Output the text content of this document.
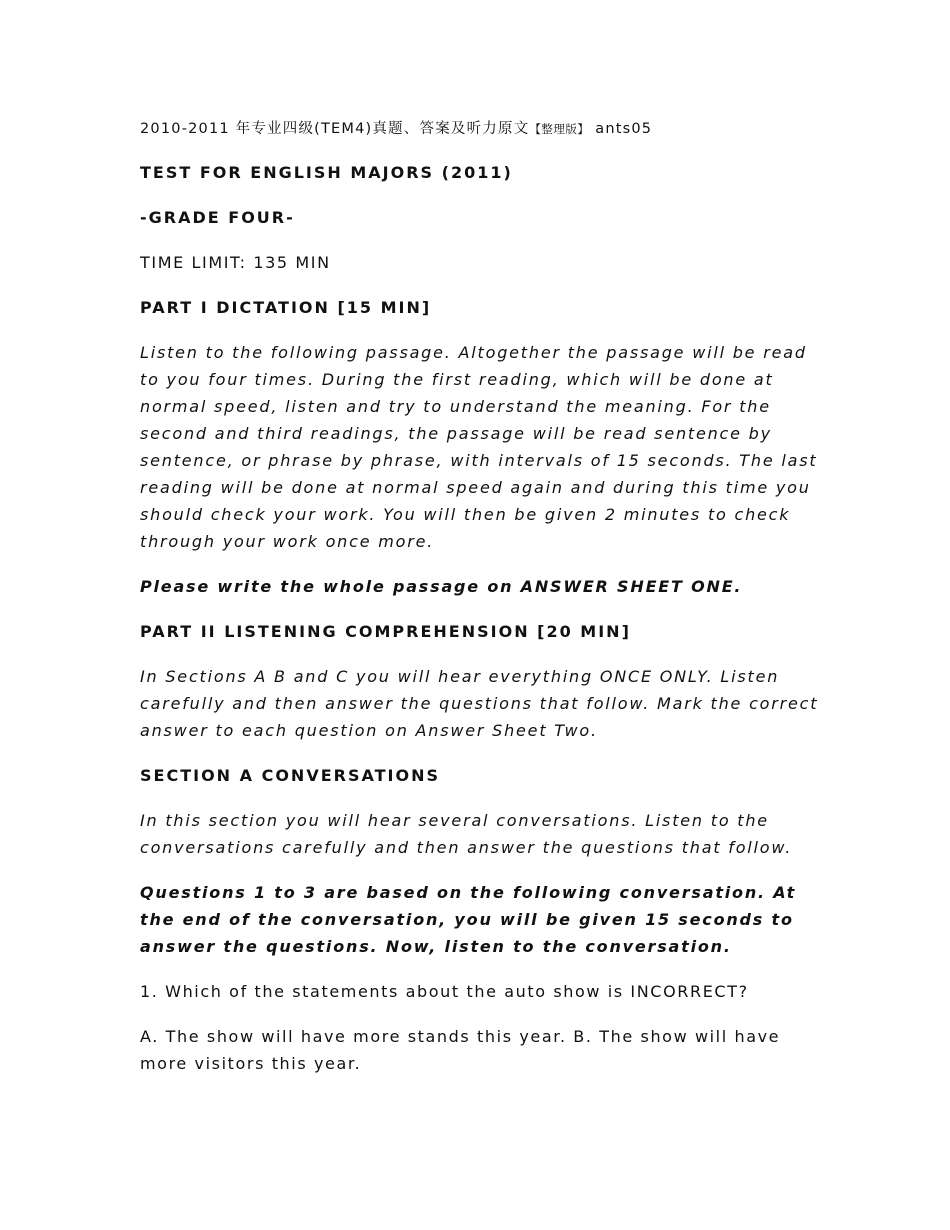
2010-2011 年专业四级(TEM4)真题、答案及听力原文【整理版】 ants05

TEST FOR ENGLISH MAJORS (2011)

-GRADE FOUR-

TIME LIMIT: 135 MIN

PART I DICTATION [15 MIN]

Listen to the following passage. Altogether the passage will be read to you four times. During the first reading, which will be done at normal speed, listen and try to understand the meaning. For the second and third readings, the passage will be read sentence by sentence, or phrase by phrase, with intervals of 15 seconds. The last reading will be done at normal speed again and during this time you should check your work. You will then be given 2 minutes to check through your work once more.

Please write the whole passage on ANSWER SHEET ONE.

PART II LISTENING COMPREHENSION [20 MIN]

In Sections A B and C you will hear everything ONCE ONLY. Listen carefully and then answer the questions that follow. Mark the correct answer to each question on Answer Sheet Two.

SECTION A CONVERSATIONS

In this section you will hear several conversations. Listen to the conversations carefully and then answer the questions that follow.

Questions 1 to 3 are based on the following conversation. At the end of the conversation, you will be given 15 seconds to answer the questions. Now, listen to the conversation.

1. Which of the statements about the auto show is INCORRECT?

A. The show will have more stands this year. B. The show will have more visitors this year.
